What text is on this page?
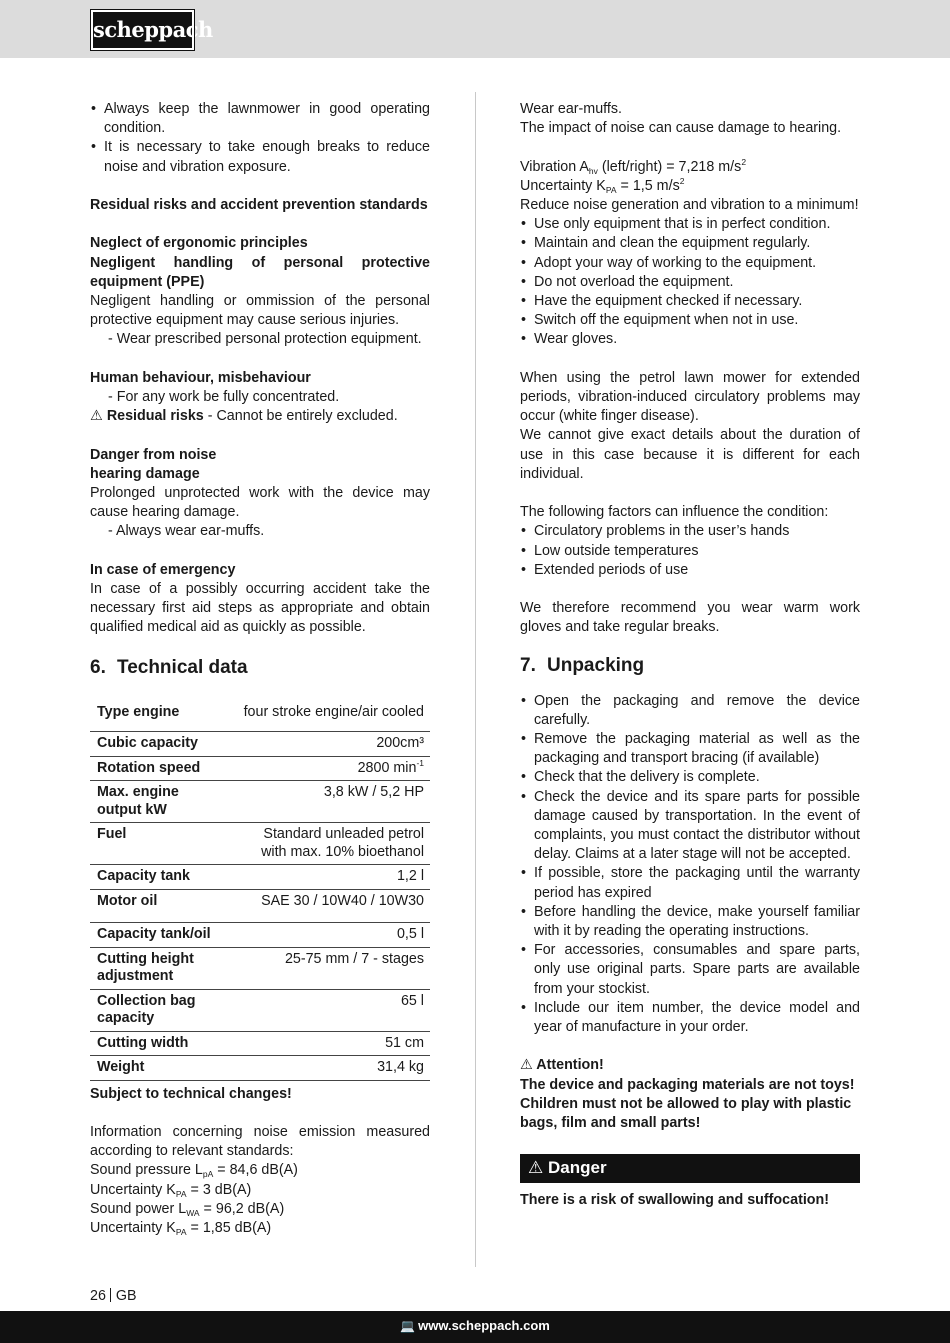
scheppach
• Always keep the lawnmower in good operating condition.
• It is necessary to take enough breaks to reduce noise and vibration exposure.

Residual risks and accident prevention standards

Neglect of ergonomic principles

Negligent handling of personal protective equipment (PPE)

Negligent handling or ommission of the personal protective equipment may cause serious injuries.

- Wear prescribed personal protection equipment.

Human behaviour, misbehaviour

- For any work be fully concentrated.

⚠ Residual risks - Cannot be entirely excluded.

Danger from noise

hearing damage

Prolonged unprotected work with the device may cause hearing damage.

- Always wear ear-muffs.

In case of emergency

In case of a possibly occurring accident take the necessary first aid steps as appropriate and obtain qualified medical aid as quickly as possible.

6. Technical data
Type engine	four stroke engine/air cooled
Cubic capacity	200cm³
Rotation speed	2800 $\min^{-1}$
Max. engine output kW	3,8 kW / 5,2 HP
Fuel	Standard unleaded petrol with max. 10% bioethanol
Capacity tank	1,2 l
Motor oil	SAE 30 / 10W40 / 10W30
Capacity tank/oil	0,5 l
Cutting height adjustment	25-75 mm / 7 - stages
Collection bag capacity	65 l
Cutting width	51 cm
Weight	31,4 kg

Subject to technical changes!

Information concerning noise emission measured according to relevant standards:

Sound pressure $L_{pA} = 84,6$ dB(A)

Uncertainty $K_{PA} = 3$ dB(A)

Sound power $L_{WA} = 96,2$ dB(A)

Uncertainty $K_{PA} = 1,85$ dB(A)

Wear ear-muffs.

The impact of noise can cause damage to hearing.

Vibration $A_{hv}$ (left/right) = 7,218 $m/s^2$

Uncertainty $K_{PA} = 1,5$ $m/s^2$

Reduce noise generation and vibration to a minimum!

• Use only equipment that is in perfect condition.
• Maintain and clean the equipment regularly.
• Adopt your way of working to the equipment.
• Do not overload the equipment.
• Have the equipment checked if necessary.
• Switch off the equipment when not in use.
• Wear gloves.

When using the petrol lawn mower for extended periods, vibration-induced circulatory problems may occur (white finger disease).

We cannot give exact details about the duration of use in this case because it is different for each individual.

The following factors can influence the condition:

• Circulatory problems in the user’s hands
• Low outside temperatures
• Extended periods of use

We therefore recommend you wear warm work gloves and take regular breaks.

7. Unpacking
• Open the packaging and remove the device carefully.
• Remove the packaging material as well as the packaging and transport bracing (if available)
• Check that the delivery is complete.
• Check the device and its spare parts for possible damage caused by transportation. In the event of complaints, you must contact the distributor without delay. Claims at a later stage will not be accepted.
• If possible, store the packaging until the warranty period has expired
• Before handling the device, make yourself familiar with it by reading the operating instructions.
• For accessories, consumables and spare parts, only use original parts. Spare parts are available from your stockist.
• Include our item number, the device model and year of manufacture in your order.

⚠ Attention!

The device and packaging materials are not toys! Children must not be allowed to play with plastic bags, film and small parts!

⚠ Danger

There is a risk of swallowing and suffocation!

26 GB
💻 www.scheppach.com
